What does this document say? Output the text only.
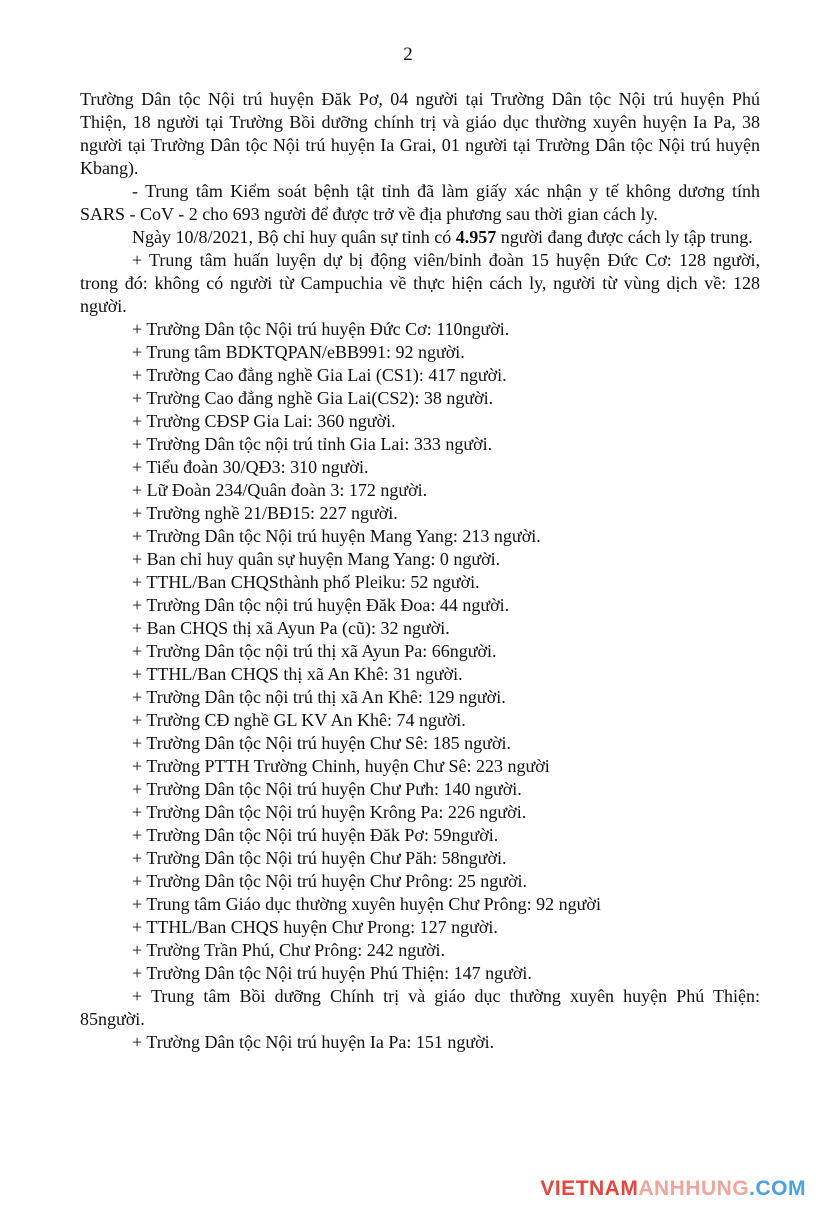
2

Trường Dân tộc Nội trú huyện Đăk Pơ, 04 người tại Trường Dân tộc Nội trú huyện Phú Thiện, 18 người tại Trường Bồi dưỡng chính trị và giáo dục thường xuyên huyện Ia Pa, 38 người tại Trường Dân tộc Nội trú huyện Ia Grai, 01 người tại Trường Dân tộc Nội trú huyện Kbang).

- Trung tâm Kiểm soát bệnh tật tỉnh đã làm giấy xác nhận y tế không dương tính SARS - CoV - 2 cho 693 người để được trở về địa phương sau thời gian cách ly.

Ngày 10/8/2021, Bộ chỉ huy quân sự tỉnh có 4.957 người đang được cách ly tập trung.

+ Trung tâm huấn luyện dự bị động viên/binh đoàn 15 huyện Đức Cơ: 128 người, trong đó: không có người từ Campuchia về thực hiện cách ly, người từ vùng dịch về: 128 người.
+ Trường Dân tộc Nội trú huyện Đức Cơ: 110người.
+ Trung tâm BDKTQPAN/eBB991: 92 người.
+ Trường Cao đẳng nghề Gia Lai (CS1): 417 người.
+ Trường Cao đẳng nghề Gia Lai(CS2): 38 người.
+ Trường CĐSP Gia Lai: 360 người.
+ Trường Dân tộc nội trú tỉnh Gia Lai: 333 người.
+ Tiểu đoàn 30/QĐ3: 310 người.
+ Lữ Đoàn 234/Quân đoàn 3: 172 người.
+ Trường nghề 21/BĐ15: 227 người.
+ Trường Dân tộc Nội trú huyện Mang Yang: 213 người.
+ Ban chỉ huy quân sự huyện Mang Yang: 0 người.
+ TTHL/Ban CHQSthành phố Pleiku: 52 người.
+ Trường Dân tộc nội trú huyện Đăk Đoa: 44 người.
+ Ban CHQS thị xã Ayun Pa (cũ): 32 người.
+ Trường Dân tộc nội trú thị xã Ayun Pa: 66người.
+ TTHL/Ban CHQS thị xã An Khê: 31 người.
+ Trường Dân tộc nội trú thị xã An Khê: 129 người.
+ Trường CĐ nghề GL KV An Khê: 74 người.
+ Trường Dân tộc Nội trú huyện Chư Sê: 185 người.
+ Trường PTTH Trường Chinh, huyện Chư Sê: 223 người
+ Trường Dân tộc Nội trú huyện Chư Pưh: 140 người.
+ Trường Dân tộc Nội trú huyện Krông Pa: 226 người.
+ Trường Dân tộc Nội trú huyện Đăk Pơ: 59người.
+ Trường Dân tộc Nội trú huyện Chư Păh: 58người.
+ Trường Dân tộc Nội trú huyện Chư Prông: 25 người.
+ Trung tâm Giáo dục thường xuyên huyện Chư Prông: 92 người
+ TTHL/Ban CHQS huyện Chư Prong: 127 người.
+ Trường Trần Phú, Chư Prông: 242 người.
+ Trường Dân tộc Nội trú huyện Phú Thiện: 147 người.
+ Trung tâm Bồi dưỡng Chính trị và giáo dục thường xuyên huyện Phú Thiện: 85người.
+ Trường Dân tộc Nội trú huyện Ia Pa: 151 người.
VIETNAMANHHUNG.COM
